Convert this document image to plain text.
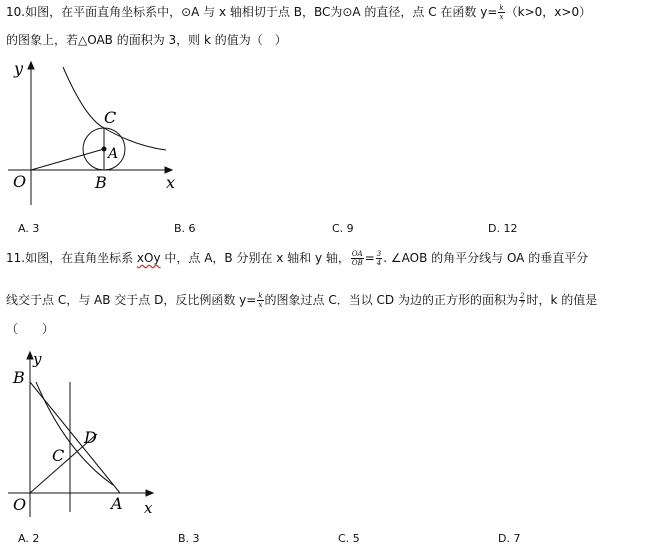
10.如图，在平面直角坐标系中，⊙A 与 x 轴相切于点 B，BC为⊙A 的直径，点 C 在函数 $y= \frac{k}{x} (k>0$，x>0）
的图象上，若△OAB 的面积为 3，则 k 的值为（　）
y
x
O	B
C
A
y
x
O
B
C
D
A
A. 3	B. 6	C. 9	D. 12
11.如图，在直角坐标系 xOy 中，点 A，B 分别在 x 轴和 y 轴， $\frac{OA}{OB} = \frac{3}{4}$ . ∠AOB 的角平分线与 OA 的垂直平分
线交于点 C，与 AB 交于点 D，反比例函数 $y= \frac{k}{x}$ 的图象过点 C．当以 CD 为边的正方形的面积为 $\frac{2}{7}$ 时，k 的值是
（　　）
A. 2	B. 3	C. 5	D. 7
